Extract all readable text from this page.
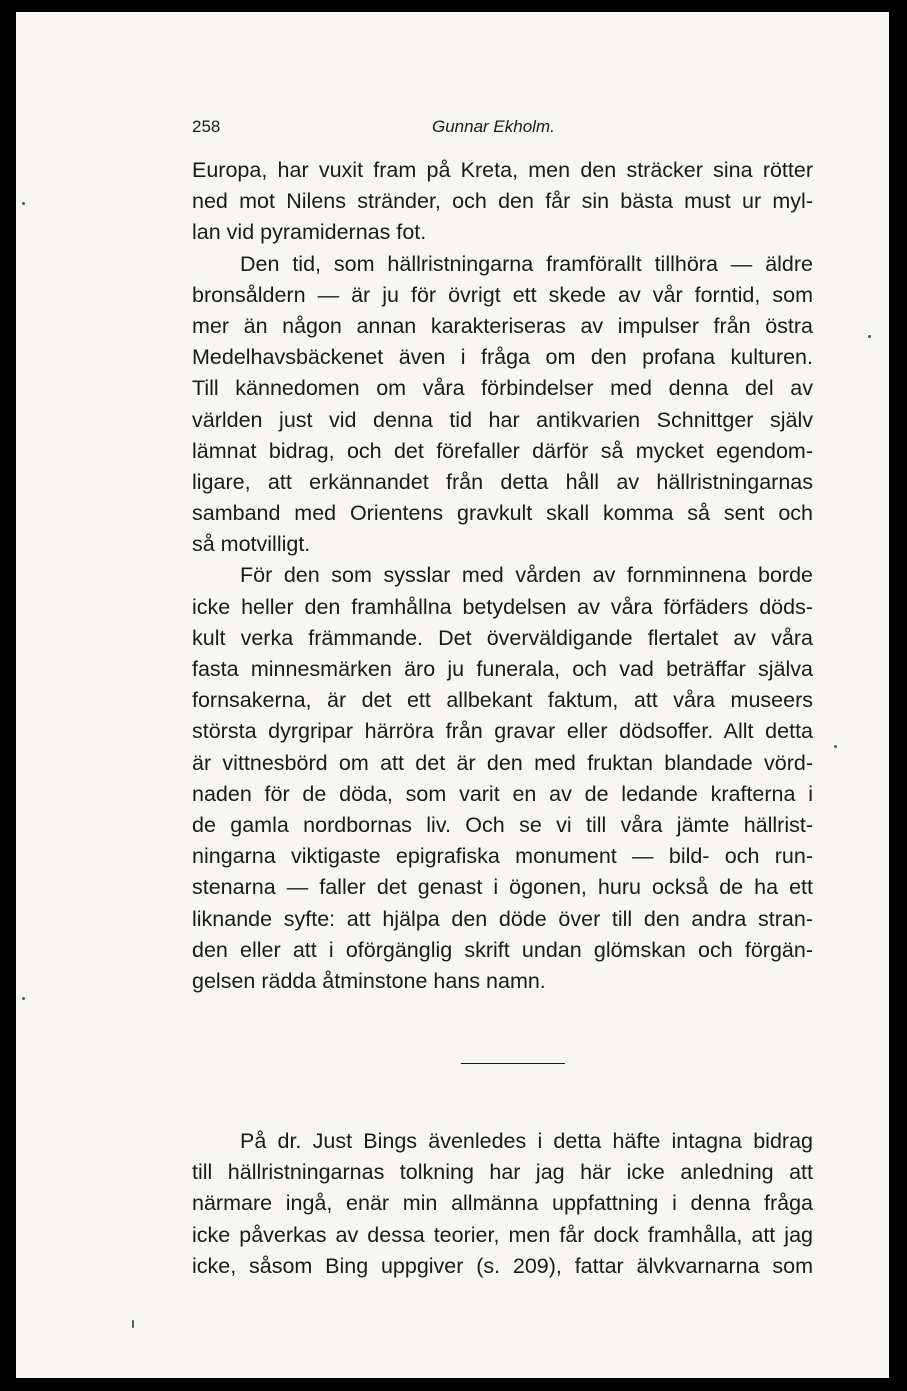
258	Gunnar Ekholm.

Europa, har vuxit fram på Kreta, men den sträcker sina rötter
ned mot Nilens stränder, och den får sin bästa must ur myl-
lan vid pyramidernas fot.

Den tid, som hällristningarna framförallt tillhöra — äldre
bronsåldern — är ju för övrigt ett skede av vår forntid, som
mer än någon annan karakteriseras av impulser från östra
Medelhavsbäckenet även i fråga om den profana kulturen.
Till kännedomen om våra förbindelser med denna del av
världen just vid denna tid har antikvarien Schnittger själv
lämnat bidrag, och det förefaller därför så mycket egendom-
ligare, att erkännandet från detta håll av hällristningarnas
samband med Orientens gravkult skall komma så sent och
så motvilligt.

För den som sysslar med vården av fornminnena borde
icke heller den framhållna betydelsen av våra förfäders döds-
kult verka främmande. Det överväldigande flertalet av våra
fasta minnesmärken äro ju funerala, och vad beträffar själva
fornsakerna, är det ett allbekant faktum, att våra museers
största dyrgripar härröra från gravar eller dödsoffer. Allt detta
är vittnesbörd om att det är den med fruktan blandade vörd-
naden för de döda, som varit en av de ledande krafterna i
de gamla nordbornas liv. Och se vi till våra jämte hällrist-
ningarna viktigaste epigrafiska monument — bild- och run-
stenarna — faller det genast i ögonen, huru också de ha ett
liknande syfte: att hjälpa den döde över till den andra stran-
den eller att i oförgänglig skrift undan glömskan och förgän-
gelsen rädda åtminstone hans namn.

På dr. Just Bings ävenledes i detta häfte intagna bidrag
till hällristningarnas tolkning har jag här icke anledning att
närmare ingå, enär min allmänna uppfattning i denna fråga
icke påverkas av dessa teorier, men får dock framhålla, att jag
icke, såsom Bing uppgiver (s. 209), fattar älvkvarnarna som
